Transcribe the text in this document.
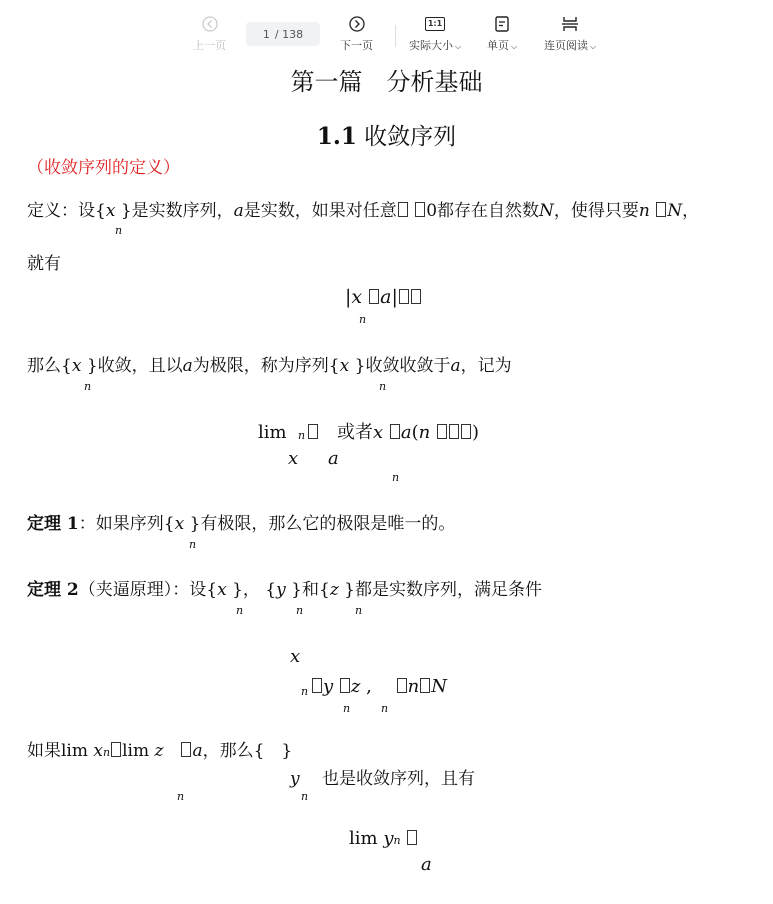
上一页
1 / 138
下一页
1:1
实际大小 ⌵ 单页 ⌵ 连页阅读 ⌵
第一篇　分析基础
1.1 收敛序列
（收敛序列的定义）
定义：设{x }是实数序列，a是实数，如果对任意 0都存在自然数N，使得只要n N，
n
就有
|x a|
n
那么{x }收敛，且以a为极限，称为序列{x }收敛收敛于a，记为
n	n
lim n
　	或者x a(n )
x a
n
定理 1：如果序列{x }有极限，那么它的极限是唯一的。
n
定理 2（夹逼原理）：设{x }， {y }和{z }都是实数序列，满足条件
n	n	n
x
n y z ,　 n N
n	n
如果lim xn lim z　 a，那么{　}
y
n
n
也是收敛序列，且有
lim yn
a
